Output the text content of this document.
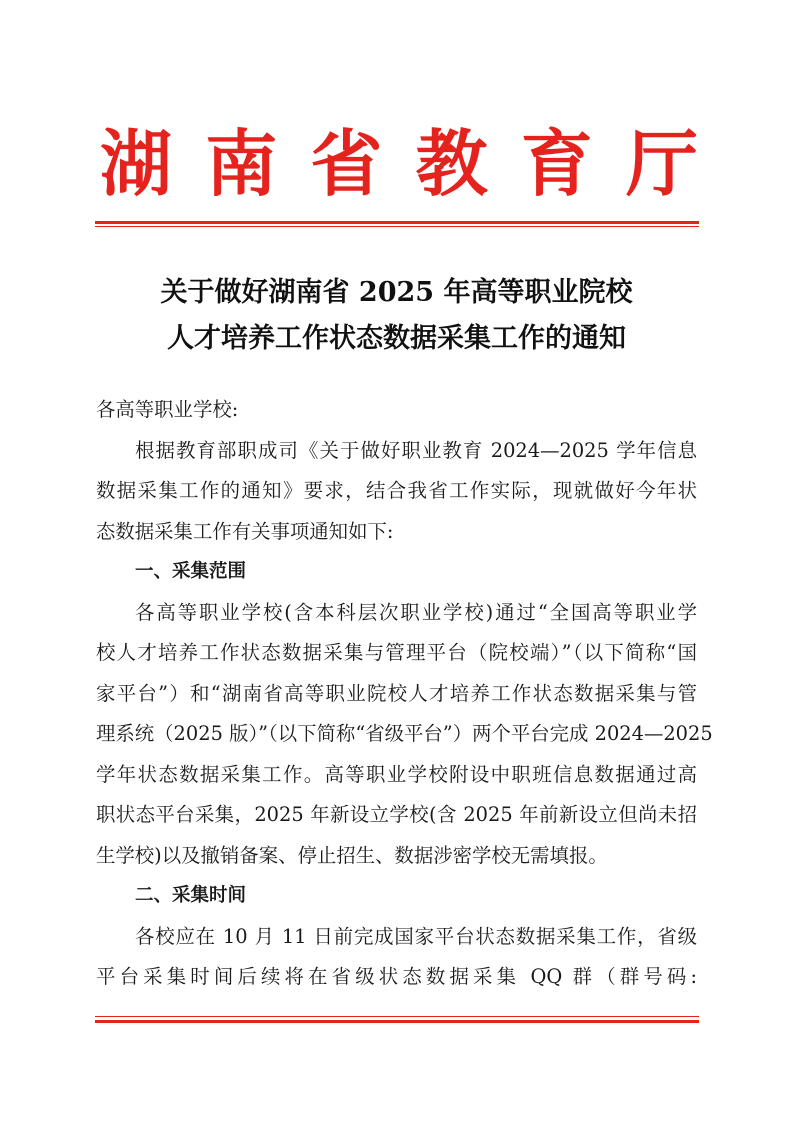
湖 南 省 教 育 厅
关于做好湖南省 2025 年高等职业院校
人才培养工作状态数据采集工作的通知
各高等职业学校:
根据教育部职成司《关于做好职业教育 2024—2025 学年信息
数据采集工作的通知》要求，结合我省工作实际，现就做好今年状
态数据采集工作有关事项通知如下:
一、采集范围
各高等职业学校(含本科层次职业学校)通过“全国高等职业学
校人才培养工作状态数据采集与管理平台（院校端）”（以下简称“国
家平台”）和“湖南省高等职业院校人才培养工作状态数据采集与管
理系统（2025 版）”（以下简称“省级平台”）两个平台完成 2024—2025
学年状态数据采集工作。高等职业学校附设中职班信息数据通过高
职状态平台采集，2025 年新设立学校(含 2025 年前新设立但尚未招
生学校)以及撤销备案、停止招生、数据涉密学校无需填报。
二、采集时间
各校应在 10 月 11 日前完成国家平台状态数据采集工作，省级
平台采集时间后续将在省级状态数据采集 QQ 群（群号码:
